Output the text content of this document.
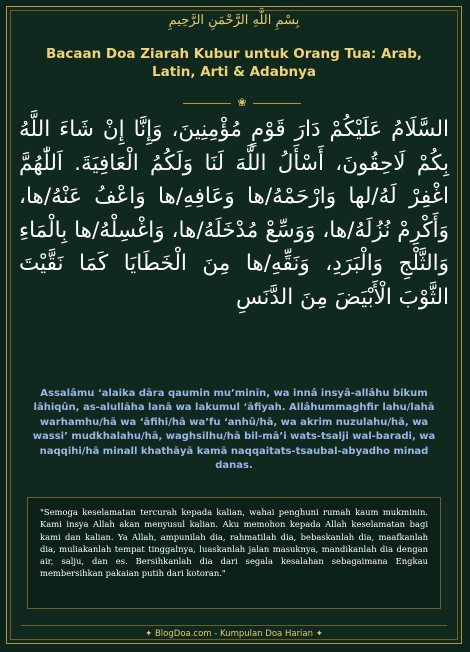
بِسْمِ اللَّهِ الرَّحْمَنِ الرَّحِيمِ
Bacaan Doa Ziarah Kubur untuk Orang Tua: Arab, Latin, Arti & Adabnya
❀
السَّلَامُ عَلَيْكُمْ دَارَ قَوْمٍ مُؤْمِنِينَ، وَإِنَّا إِنْ شَاءَ اللَّهُ بِكُمْ لَاحِقُونَ، أَسْأَلُ اللَّهَ لَنَا وَلَكُمُ الْعَافِيَةَ. اَللّٰهُمَّ اغْفِرْ لَهُ/لها وَارْحَمْهُ/ها وَعَافِهِ/ها وَاعْفُ عَنْهُ/ها، وَأَكْرِمْ نُزُلَهُ/ها، وَوَسِّعْ مُدْخَلَهُ/ها، وَاغْسِلْهُ/ها بِالْمَاءِ وَالثَّلْجِ وَالْبَرَدِ، وَنَقِّهِ/ها مِنَ الْخَطَايَا كَمَا نَقَّيْتَ الثَّوْبَ الْأَبْيَضَ مِنَ الدَّنَسِ
Assalâmu ‘alaika dāra qaumin mu’minīn, wa innâ insyâ-allâhu bikum lâhiqûn, as-alullāha lanā wa lakumul ‘āfiyah. Allâhummaghfir lahu/lahā warhamhu/hā wa ‘āfihi/hā wa’fu ‘anhû/hā, wa akrim nuzulahu/hā, wa wassi’ mudkhalahu/hā, waghsilhu/hā bil-mā’i wats-tsalji wal-baradi, wa naqqihi/hā minall khathāyā kamā naqqaitats-tsaubal-abyadho minad danas.
"Semoga keselamatan tercurah kepada kalian, wahai penghuni rumah kaum mukminin. Kami insya Allah akan menyusul kalian. Aku memohon kepada Allah keselamatan bagi kami dan kalian. Ya Allah, ampunilah dia, rahmatilah dia, bebaskanlah dia, maafkanlah dia, muliakanlah tempat tinggalnya, luaskanlah jalan masuknya, mandikanlah dia dengan air, salju, dan es. Bersihkanlah dia dari segala kesalahan sebagaimana Engkau membersihkan pakaian putih dari kotoran."
✦ BlogDoa.com - Kumpulan Doa Harian ✦
